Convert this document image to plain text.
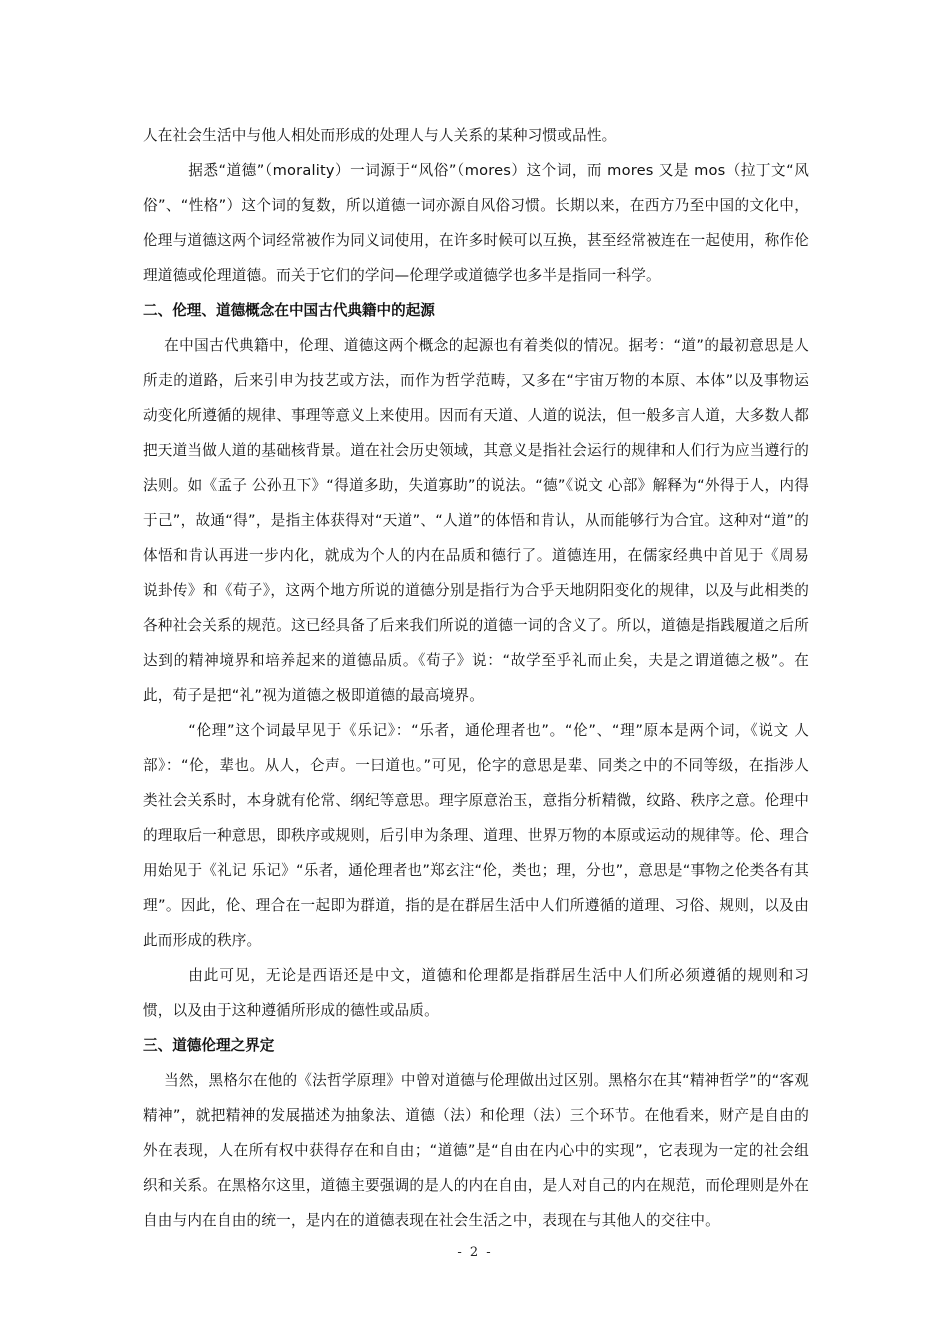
人在社会生活中与他人相处而形成的处理人与人关系的某种习惯或品性。

据悉“道德”（morality）一词源于“风俗”（mores）这个词，而 mores 又是 mos（拉丁文“风俗”、“性格”）这个词的复数，所以道德一词亦源自风俗习惯。长期以来，在西方乃至中国的文化中，伦理与道德这两个词经常被作为同义词使用，在许多时候可以互换，甚至经常被连在一起使用，称作伦理道德或伦理道德。而关于它们的学问—伦理学或道德学也多半是指同一科学。

二、伦理、道德概念在中国古代典籍中的起源

在中国古代典籍中，伦理、道德这两个概念的起源也有着类似的情况。据考：“道”的最初意思是人所走的道路，后来引申为技艺或方法，而作为哲学范畴，又多在“宇宙万物的本原、本体”以及事物运动变化所遵循的规律、事理等意义上来使用。因而有天道、人道的说法，但一般多言人道，大多数人都把天道当做人道的基础核背景。道在社会历史领域，其意义是指社会运行的规律和人们行为应当遵行的法则。如《孟子 公孙丑下》“得道多助，失道寡助”的说法。“德”《说文 心部》解释为“外得于人，内得于己”，故通“得”，是指主体获得对“天道”、“人道”的体悟和肯认，从而能够行为合宜。这种对“道”的体悟和肯认再进一步内化，就成为个人的内在品质和德行了。道德连用，在儒家经典中首见于《周易 说卦传》和《荀子》，这两个地方所说的道德分别是指行为合乎天地阴阳变化的规律，以及与此相类的各种社会关系的规范。这已经具备了后来我们所说的道德一词的含义了。所以，道德是指践履道之后所达到的精神境界和培养起来的道德品质。《荀子》说：“故学至乎礼而止矣，夫是之谓道德之极”。在此，荀子是把“礼”视为道德之极即道德的最高境界。

“伦理”这个词最早见于《乐记》：“乐者，通伦理者也”。“伦”、“理”原本是两个词，《说文 人部》：“伦，辈也。从人，仑声。一曰道也。”可见，伦字的意思是辈、同类之中的不同等级，在指涉人类社会关系时，本身就有伦常、纲纪等意思。理字原意治玉，意指分析精微，纹路、秩序之意。伦理中的理取后一种意思，即秩序或规则，后引申为条理、道理、世界万物的本原或运动的规律等。伦、理合用始见于《礼记 乐记》“乐者，通伦理者也”郑玄注“伦，类也；理，分也”，意思是“事物之伦类各有其理”。因此，伦、理合在一起即为群道，指的是在群居生活中人们所遵循的道理、习俗、规则，以及由此而形成的秩序。

由此可见，无论是西语还是中文，道德和伦理都是指群居生活中人们所必须遵循的规则和习惯，以及由于这种遵循所形成的德性或品质。

三、道德伦理之界定

当然，黑格尔在他的《法哲学原理》中曾对道德与伦理做出过区别。黑格尔在其“精神哲学”的“客观精神”，就把精神的发展描述为抽象法、道德（法）和伦理（法）三个环节。在他看来，财产是自由的外在表现，人在所有权中获得存在和自由；“道德”是“自由在内心中的实现”，它表现为一定的社会组织和关系。在黑格尔这里，道德主要强调的是人的内在自由，是人对自己的内在规范，而伦理则是外在自由与内在自由的统一，是内在的道德表现在社会生活之中，表现在与其他人的交往中。

- 2 -
